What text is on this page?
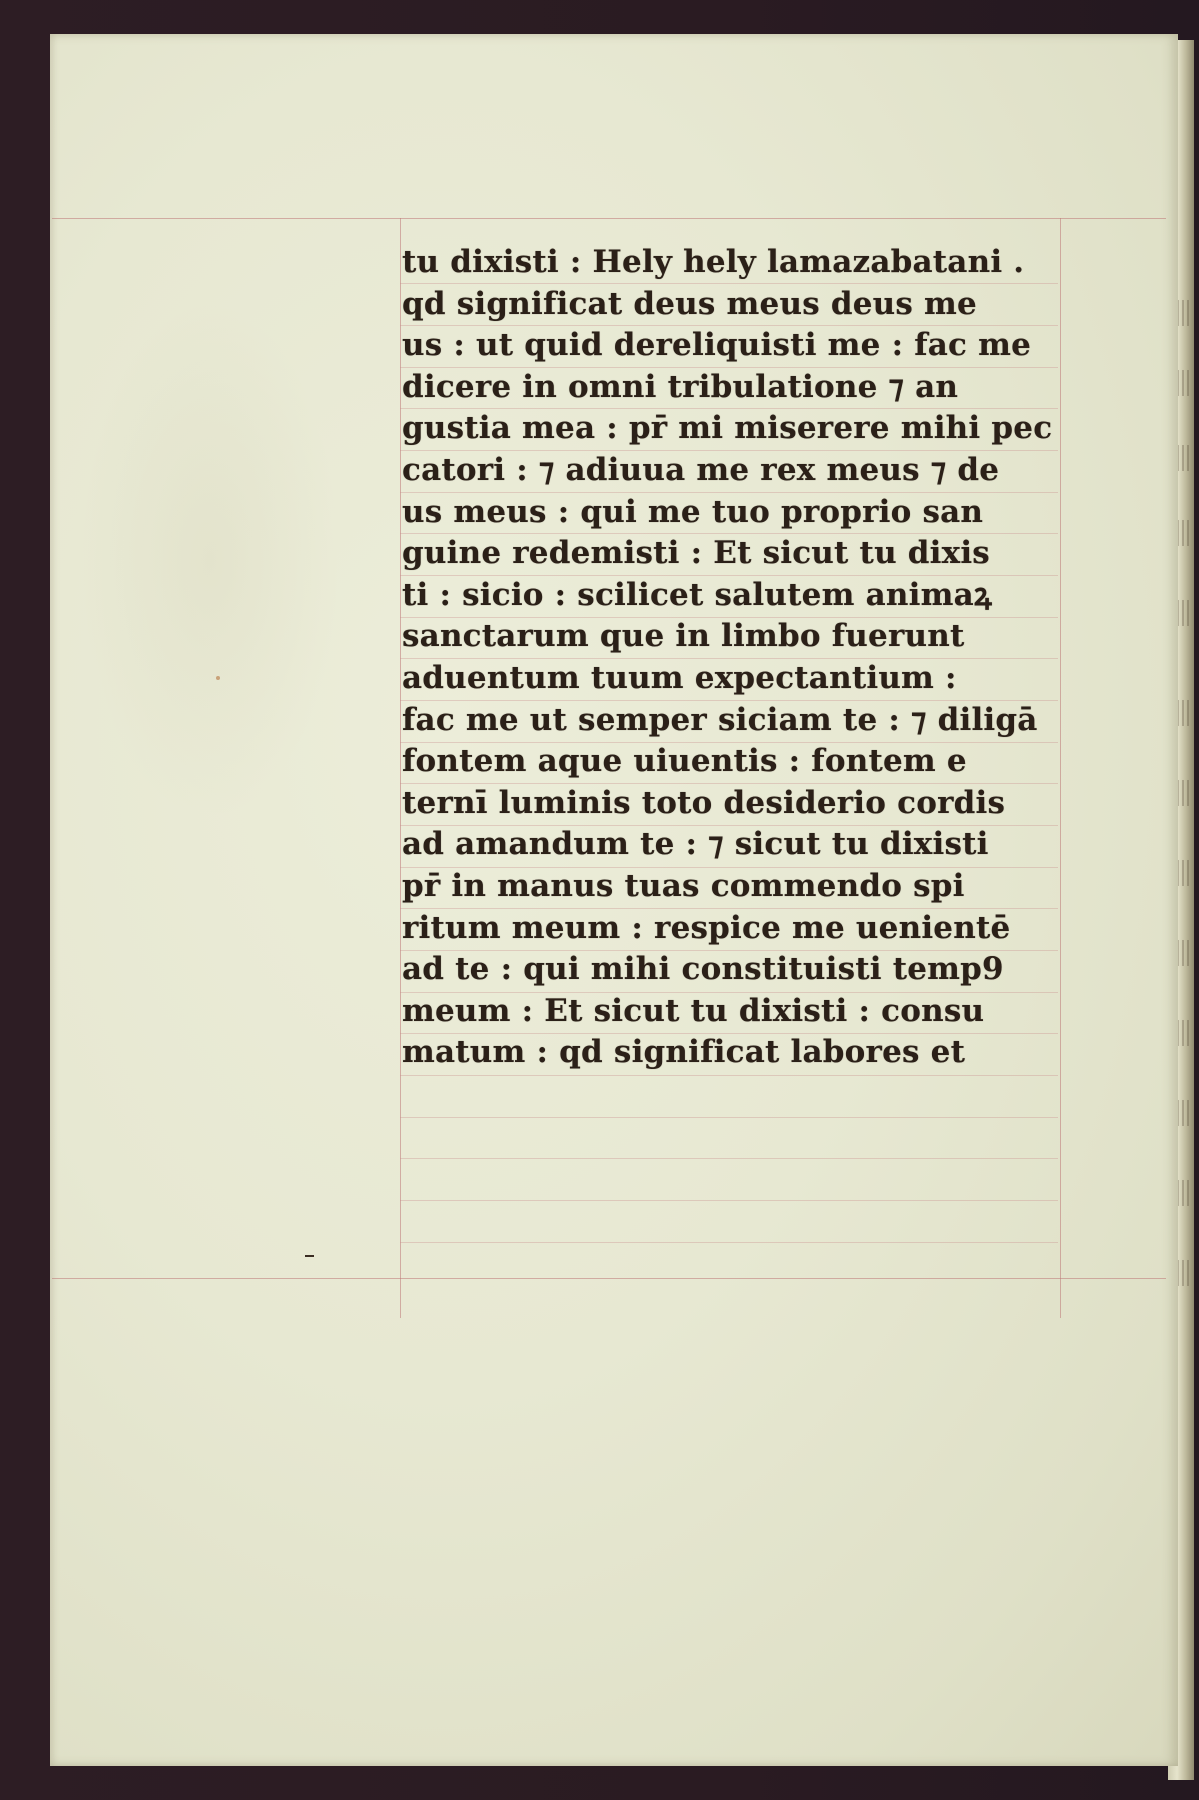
tu dixisti : Hely hely lamazabatani .
qd significat deus meus deus me
us : ut quid dereliquisti me : fac me
dicere in omni tribulatione ⁊ an
gustia mea : pr̄ mi miserere mihi pec
catori : ⁊ adiuua me rex meus ⁊ de
us meus : qui me tuo proprio san
guine redemisti : Et sicut tu dixis
ti : sicio : scilicet salutem animaꝝ
sanctarum que in limbo fuerunt
aduentum tuum expectantium :
fac me ut semper siciam te : ⁊ diligā
fontem aque uiuentis : fontem e
ternī luminis toto desiderio cordis
ad amandum te : ⁊ sicut tu dixisti
pr̄ in manus tuas commendo spi
ritum meum : respice me uenientē
ad te : qui mihi constituisti temp9
meum : Et sicut tu dixisti : consu
matum : qd significat labores et
